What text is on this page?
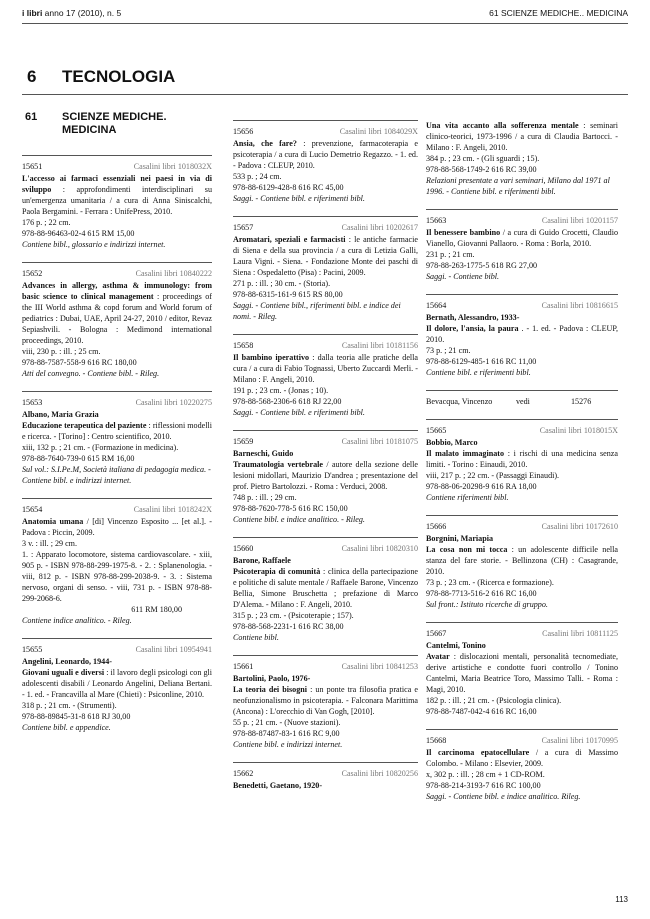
i libri anno 17 (2010), n. 5	61 SCIENZE MEDICHE.. MEDICINA
6 TECNOLOGIA
61 SCIENZE MEDICHE. MEDICINA
15651	Casalini libri 1018032X
L'accesso ai farmaci essenziali nei paesi in via di sviluppo : approfondimenti interdisciplinari su un'emergenza umanitaria / a cura di Anna Siniscalchi, Paola Bergamini. - Ferrara : UnifePress, 2010.
176 p. ; 22 cm.
978-88-96463-02-4 615 RM 15,00
Contiene bibl., glossario e indirizzi internet.
15652	Casalini libri 10840222
Advances in allergy, asthma & immunology: from basic science to clinical management : proceedings of the III World asthma & copd forum and World forum of pediatrics : Dubai, UAE, April 24-27, 2010 / editor, Revaz Sepiashvili. - Bologna : Medimond international proceedings, 2010.
viii, 230 p. : ill. ; 25 cm.
978-88-7587-558-9 616 RC 180,00
Atti del convegno. - Contiene bibl. - Rileg.
15653	Casalini libri 10220275
Albano, Maria Grazia
Educazione terapeutica del paziente : riflessioni modelli e ricerca. - [Torino] : Centro scientifico, 2010.
xiii, 132 p. ; 21 cm. - (Formazione in medicina).
978-88-7640-739-0 615 RM 16,00
Sul vol.: S.I.Pe.M, Società italiana di pedagogia medica. - Contiene bibl. e indirizzi internet.
15654	Casalini libri 1018242X
Anatomia umana / [di] Vincenzo Esposito ... [et al.]. - Padova : Piccin, 2009.
3 v. : ill. ; 29 cm.
1. : Apparato locomotore, sistema cardiovascolare. - xiii, 905 p. - ISBN 978-88-299-1975-8. - 2. : Splanenologia. - viii, 812 p. - ISBN 978-88-299-2038-9. - 3. : Sistema nervoso, organi di senso. - viii, 731 p. - ISBN 978-88-299-2068-6.
611 RM 180,00
Contiene indice analitico. - Rileg.
15655	Casalini libri 10954941
Angelini, Leonardo, 1944-
Giovani uguali e diversi : il lavoro degli psicologi con gli adolescenti disabili / Leonardo Angelini, Deliana Bertani. - 1. ed. - Francavilla al Mare (Chieti) : Psiconline, 2010.
318 p. ; 21 cm. - (Strumenti).
978-88-89845-31-8 618 RJ 30,00
Contiene bibl. e appendice.
15656	Casalini libri 1084029X
Ansia, che fare? : prevenzione, farmacoterapia e psicoterapia / a cura di Lucio Demetrio Regazzo. - 1. ed. - Padova : CLEUP, 2010.
533 p. ; 24 cm.
978-88-6129-428-8 616 RC 45,00
Saggi. - Contiene bibl. e riferimenti bibl.
15657	Casalini libri 10202617
Aromatari, speziali e farmacisti : le antiche farmacie di Siena e della sua provincia / a cura di Letizia Galli, Laura Vigni. - Siena. - Fondazione Monte dei paschi di Siena : Ospedaletto (Pisa) : Pacini, 2009.
271 p. : ill. ; 30 cm. - (Storia).
978-88-6315-161-9 615 RS 80,00
Saggi. - Contiene bibl., riferimenti bibl. e indice dei nomi. - Rileg.
15658	Casalini libri 10181156
Il bambino iperattivo : dalla teoria alle pratiche della cura / a cura di Fabio Tognassi, Uberto Zuccardi Merli. - Milano : F. Angeli, 2010.
191 p. ; 23 cm. - (Jonas ; 10).
978-88-568-2306-6 618 RJ 22,00
Saggi. - Contiene bibl. e riferimenti bibl.
15659	Casalini libri 10181075
Barneschi, Guido
Traumatologia vertebrale / autore della sezione delle lesioni midollari, Maurizio D'andrea ; presentazione del prof. Pietro Bartolozzi. - Roma : Verduci, 2008.
748 p. : ill. ; 29 cm.
978-88-7620-778-5 616 RC 150,00
Contiene bibl. e indice analitico. - Rileg.
15660	Casalini libri 10820310
Barone, Raffaele
Psicoterapia di comunità : clinica della partecipazione e politiche di salute mentale / Raffaele Barone, Vincenzo Bellia, Simone Bruschetta ; prefazione di Marco D'Alema. - Milano : F. Angeli, 2010.
315 p. ; 23 cm. - (Psicoterapie ; 157).
978-88-568-2231-1 616 RC 38,00
Contiene bibl.
15661	Casalini libri 10841253
Bartolini, Paolo, 1976-
La teoria dei bisogni : un ponte tra filosofia pratica e neofunzionalismo in psicoterapia. - Falconara Marittima (Ancona) : L'orecchio di Van Gogh, [2010].
55 p. ; 21 cm. - (Nuove stazioni).
978-88-87487-83-1 616 RC 9,00
Contiene bibl. e indirizzi internet.
15662	Casalini libri 10820256
Benedetti, Gaetano, 1920-
Una vita accanto alla sofferenza mentale : seminari clinico-teorici, 1973-1996 / a cura di Claudia Bartocci. - Milano : F. Angeli, 2010.
384 p. ; 23 cm. - (Gli sguardi ; 15).
978-88-568-1749-2 616 RC 39,00
Relazioni presentate a vari seminari, Milano dal 1971 al 1996. - Contiene bibl. e riferimenti bibl.
15663	Casalini libri 10201157
Il benessere bambino / a cura di Guido Crocetti, Claudio Vianello, Giovanni Pallaoro. - Roma : Borla, 2010.
231 p. ; 21 cm.
978-88-263-1775-5 618 RG 27,00
Saggi. - Contiene bibl.
15664	Casalini libri 10816615
Bernath, Alessandro, 1933-
Il dolore, l'ansia, la paura . - 1. ed. - Padova : CLEUP, 2010.
73 p. ; 21 cm.
978-88-6129-485-1 616 RC 11,00
Contiene bibl. e riferimenti bibl.
Bevacqua, Vincenzo	vedi	15276
15665	Casalini libri 1018015X
Bobbio, Marco
Il malato immaginato : i rischi di una medicina senza limiti. - Torino : Einaudi, 2010.
viii, 217 p. ; 22 cm. - (Passaggi Einaudi).
978-88-06-20298-9 616 RA 18,00
Contiene riferimenti bibl.
15666	Casalini libri 10172610
Borgnini, Mariapia
La cosa non mi tocca : un adolescente difficile nella stanza del fare storie. - Bellinzona (CH) : Casagrande, 2010.
73 p. ; 23 cm. - (Ricerca e formazione).
978-88-7713-516-2 616 RC 16,00
Sul front.: Istituto ricerche di gruppo.
15667	Casalini libri 10811125
Cantelmi, Tonino
Avatar : dislocazioni mentali, personalità tecnomediate, derive artistiche e condotte fuori controllo / Tonino Cantelmi, Maria Beatrice Toro, Massimo Talli. - Roma : Magi, 2010.
182 p. : ill. ; 21 cm. - (Psicologia clinica).
978-88-7487-042-4 616 RC 16,00
15668	Casalini libri 10170995
Il carcinoma epatocellulare / a cura di Massimo Colombo. - Milano : Elsevier, 2009.
x, 302 p. : ill. ; 28 cm + 1 CD-ROM.
978-88-214-3193-7 616 RC 100,00
Saggi. - Contiene bibl. e indice analitico. Rileg.
113
